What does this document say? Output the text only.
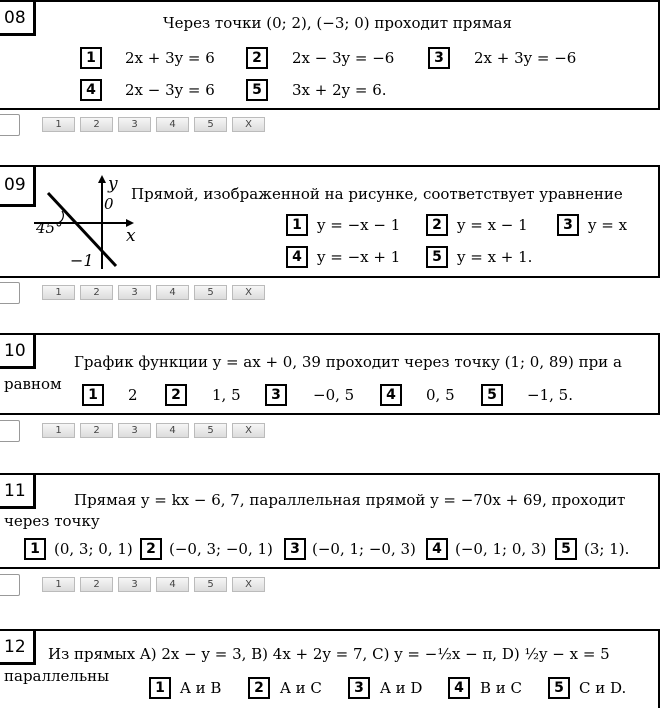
08	Через точки (0; 2), (−3; 0) проходит прямая
1	2x + 3y = 6	2	2x − 3y = −6	3	2x + 3y = −6
4	2x − 3y = 6	5	3x + 2y = 6.
1	2	3	4	5	X
09	y
x
0
45°
−1
Прямой, изображенной на рисунке, соответствует уравнение
1	y = −x − 1	2	y = x − 1	3	y = x
4	y = −x + 1	5	y = x + 1.
1	2	3	4	5	X
10
График функции y = ax + 0, 39 проходит через точку (1; 0, 89) при a
равном
1	2	2	1, 5	3	−0, 5	4	0, 5	5	−1, 5.
1	2	3	4	5	X
11	Прямая y = kx − 6, 7, параллельная прямой y = −70x + 69, проходит
через точку
1 (0, 3; 0, 1) 2 (−0, 3; −0, 1)	3 (−0, 1; −0, 3)	4 (−0, 1; 0, 3)	5 (3; 1).
1	2	3	4	5	X
12	Из прямых A) 2x − y = 3, B) 4x + 2y = 7, C) y = −½x − π, D) ½y − x = 5
параллельны
1	A и B	2	A и C	3	A и D	4	B и C	5	C и D.
